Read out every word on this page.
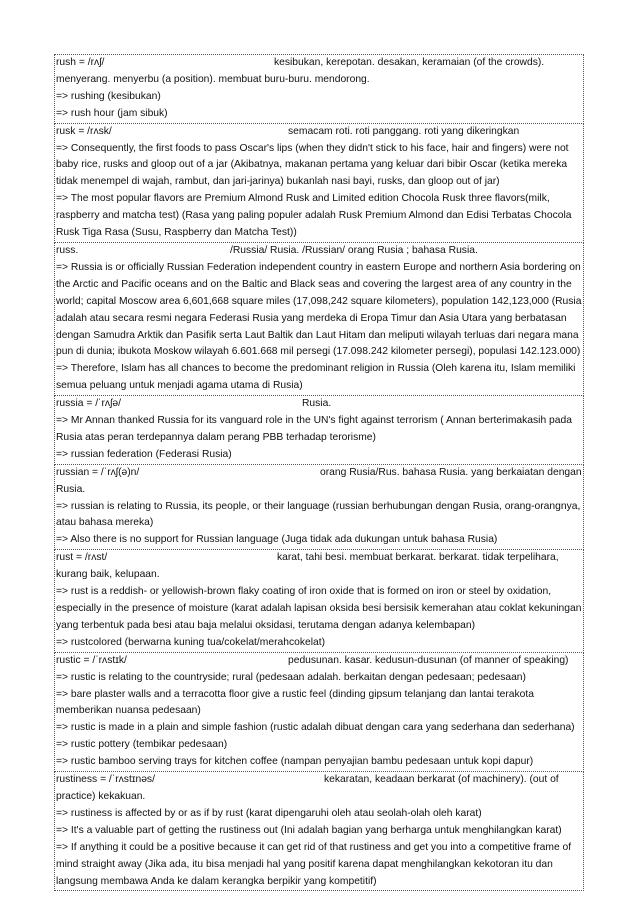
rush = /rʌʃ/	kesibukan, kerepotan. desakan, keramaian (of the crowds).
menyerang. menyerbu (a position). membuat buru-buru. mendorong.
=> rushing (kesibukan)
=> rush hour (jam sibuk)
rusk = /rʌsk/	semacam roti. roti panggang. roti yang dikeringkan
=> Consequently, the first foods to pass Oscar's lips (when they didn't stick to his face, hair and fingers) were not baby rice, rusks and gloop out of a jar (Akibatnya, makanan pertama yang keluar dari bibir Oscar (ketika mereka tidak menempel di wajah, rambut, dan jari-jarinya) bukanlah nasi bayi, rusks, dan gloop out of jar)
=> The most popular flavors are Premium Almond Rusk and Limited edition Chocola Rusk three flavors(milk, raspberry and matcha test) (Rasa yang paling populer adalah Rusk Premium Almond dan Edisi Terbatas Chocola Rusk Tiga Rasa (Susu, Raspberry dan Matcha Test))
russ.	/Russia/ Rusia. /Russian/ orang Rusia ; bahasa Rusia.
=> Russia is or officially Russian Federation independent country in eastern Europe and northern Asia bordering on the Arctic and Pacific oceans and on the Baltic and Black seas and covering the largest area of any country in the world; capital Moscow area 6,601,668 square miles (17,098,242 square kilometers), population 142,123,000 (Rusia adalah atau secara resmi negara Federasi Rusia yang merdeka di Eropa Timur dan Asia Utara yang berbatasan dengan Samudra Arktik dan Pasifik serta Laut Baltik dan Laut Hitam dan meliputi wilayah terluas dari negara mana pun di dunia; ibukota Moskow wilayah 6.601.668 mil persegi (17.098.242 kilometer persegi), populasi 142.123.000)
=> Therefore, Islam has all chances to become the predominant religion in Russia (Oleh karena itu, Islam memiliki semua peluang untuk menjadi agama utama di Rusia)
russia = /ˈrʌʃə/	Rusia.
=> Mr Annan thanked Russia for its vanguard role in the UN's fight against terrorism ( Annan berterimakasih pada Rusia atas peran terdepannya dalam perang PBB terhadap terorisme)
=> russian federation (Federasi Rusia)
russian = /ˈrʌʃ(ə)n/	orang Rusia/Rus. bahasa Rusia. yang berkaiatan dengan
Rusia.
=> russian is relating to Russia, its people, or their language (russian berhubungan dengan Rusia, orang-orangnya, atau bahasa mereka)
=> Also there is no support for Russian language (Juga tidak ada dukungan untuk bahasa Rusia)
rust = /rʌst/	karat, tahi besi. membuat berkarat. berkarat. tidak terpelihara,
kurang baik, kelupaan.
=> rust is a reddish- or yellowish-brown flaky coating of iron oxide that is formed on iron or steel by oxidation, especially in the presence of moisture (karat adalah lapisan oksida besi bersisik kemerahan atau coklat kekuningan yang terbentuk pada besi atau baja melalui oksidasi, terutama dengan adanya kelembapan)
=> rustcolored (berwarna kuning tua/cokelat/merahcokelat)
rustic = /ˈrʌstɪk/	pedusunan. kasar. kedusun-dusunan (of manner of speaking)
=> rustic is relating to the countryside; rural (pedesaan adalah. berkaitan dengan pedesaan; pedesaan)
=> bare plaster walls and a terracotta floor give a rustic feel (dinding gipsum telanjang dan lantai terakota memberikan nuansa pedesaan)
=> rustic is made in a plain and simple fashion (rustic adalah dibuat dengan cara yang sederhana dan sederhana)
=> rustic pottery (tembikar pedesaan)
=> rustic bamboo serving trays for kitchen coffee (nampan penyajian bambu pedesaan untuk kopi dapur)
rustiness = /ˈrʌstɪnəs/	kekaratan, keadaan berkarat (of machinery). (out of
practice) kekakuan.
=> rustiness is affected by or as if by rust (karat dipengaruhi oleh atau seolah-olah oleh karat)
=> It's a valuable part of getting the rustiness out (Ini adalah bagian yang berharga untuk menghilangkan karat)
=> If anything it could be a positive because it can get rid of that rustiness and get you into a competitive frame of mind straight away (Jika ada, itu bisa menjadi hal yang positif karena dapat menghilangkan kekotoran itu dan langsung membawa Anda ke dalam kerangka berpikir yang kompetitif)
